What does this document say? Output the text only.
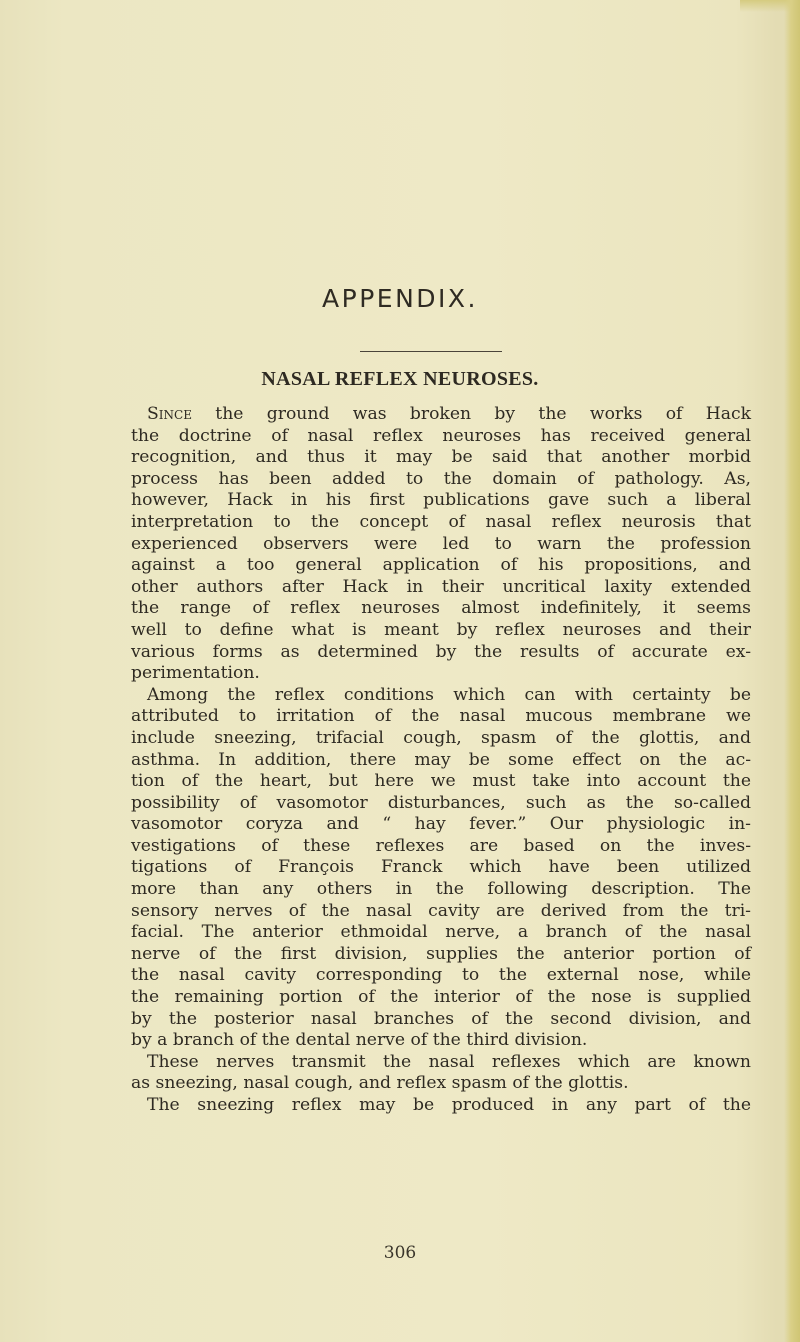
APPENDIX.
NASAL REFLEX NEUROSES.
Since the ground was broken by the works of Hack
the doctrine of nasal reflex neuroses has received general
recognition, and thus it may be said that another morbid
process has been added to the domain of pathology. As,
however, Hack in his first publications gave such a liberal
interpretation to the concept of nasal reflex neurosis that
experienced observers were led to warn the profession
against a too general application of his propositions, and
other authors after Hack in their uncritical laxity extended
the range of reflex neuroses almost indefinitely, it seems
well to define what is meant by reflex neuroses and their
various forms as determined by the results of accurate ex-
perimentation.
Among the reflex conditions which can with certainty be
attributed to irritation of the nasal mucous membrane we
include sneezing, trifacial cough, spasm of the glottis, and
asthma. In addition, there may be some effect on the ac-
tion of the heart, but here we must take into account the
possibility of vasomotor disturbances, such as the so-called
vasomotor coryza and “ hay fever.” Our physiologic in-
vestigations of these reflexes are based on the inves-
tigations of François Franck which have been utilized
more than any others in the following description. The
sensory nerves of the nasal cavity are derived from the tri-
facial. The anterior ethmoidal nerve, a branch of the nasal
nerve of the first division, supplies the anterior portion of
the nasal cavity corresponding to the external nose, while
the remaining portion of the interior of the nose is supplied
by the posterior nasal branches of the second division, and
by a branch of the dental nerve of the third division.
These nerves transmit the nasal reflexes which are known
as sneezing, nasal cough, and reflex spasm of the glottis.
The sneezing reflex may be produced in any part of the
306
